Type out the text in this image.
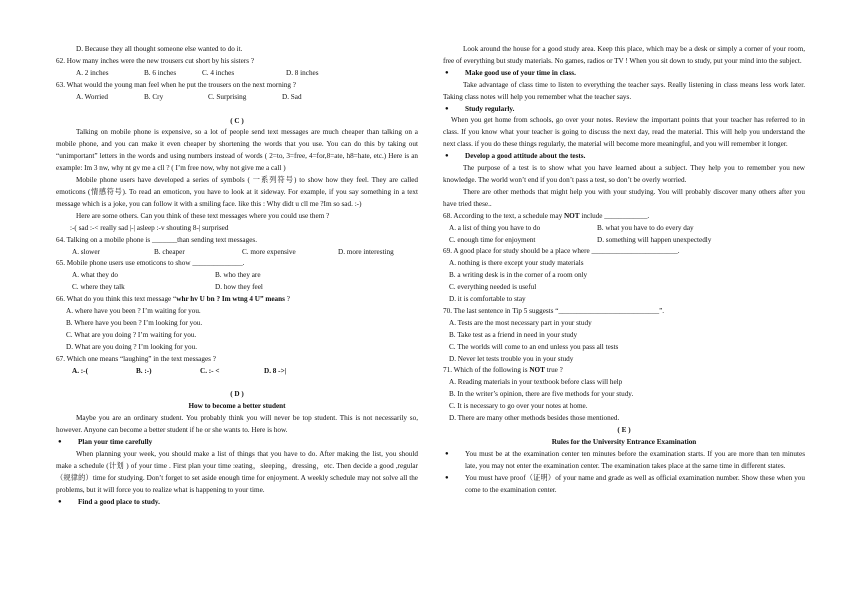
D. Because they all thought someone else wanted to do it.
62. How many inches were the new trousers cut short by his sisters ?
A. 2 inches	B. 6 inches	C. 4 inches	D. 8 inches
63. What would the young man feel when he put the trousers on the next morning ?
A. Worried	B. Cry	C. Surprising	D. Sad
( C )
Talking on mobile phone is expensive, so a lot of people send text messages are much cheaper than talking on a mobile phone, and you can make it even cheaper by shortening the words that you use. You can do this by taking out “unimportant” letters in the words and using numbers instead of words ( 2=to, 3=free, 4=for,8=ate, h8=hate, etc.) Here is an example: Im 3 nw, why nt gv me a cll ? ( I’m free now, why not give me a call )
Mobile phone users have developed a series of symbols ( 一系列符号) to show how they feel. They are called emoticons (情感符号). To read an emoticon, you have to look at it sideway. For example, if you say something in a text message which is a joke, you can follow it with a smiling face. like this : Why didt u cll me ?Im so sad. :-)
Here are some others. Can you think of these text messages where you could use them ?
:-( sad :-< really sad |-| asleep :-v shouting 8-| surprised
64. Talking on a mobile phone is _______than sending text messages.
A. slower	B. cheaper	C. more expensive	D. more interesting
65. Mobile phone users use emoticons to show ______________.
A. what they do	B. who they are
C. where they talk	D. how they feel
66. What do you think this text message “whr hv U bn ? Im wtng 4 U” means ?
A. where have you been ? I’m waiting for you.
B. Where have you been ? I’m looking for you.
C. What are you doing ? I’m waiting for you.
D. What are you doing ? I’m looking for you.
67. Which one means “laughing” in the text messages ?
A. :-(	B. :-)	C. :- <	D. 8 ->|
( D )
How to become a better student
Maybe you are an ordinary student. You probably think you will never be top student. This is not necessarily so, however. Anyone can become a better student if he or she wants to. Here is how.
● Plan your time carefully
When planning your week, you should make a list of things that you have to do. After making the list, you should make a schedule (计划 ) of your time . First plan your time :eating，sleeping，dressing，etc. Then decide a good ,regular（规律的）time for studying. Don’t forget to set aside enough time for enjoyment. A weekly schedule may not solve all the problems, but it will force you to realize what is happening to your time.
● Find a good place to study.
Look around the house for a good study area. Keep this place, which may be a desk or simply a corner of your room, free of everything but study materials. No games, radios or TV ! When you sit down to study, put your mind into the subject.
● Make good use of your time in class.
Take advantage of class time to listen to everything the teacher says. Really listening in class means less work later. Taking class notes will help you remember what the teacher says.
● Study regularly.
When you get home from schools, go over your notes. Review the important points that your teacher has referred to in class. If you know what your teacher is going to discuss the next day, read the material. This will help you understand the next class. if you do these things regularly, the material will become more meaningful, and you will remember it longer.
● Develop a good attitude about the tests.
The purpose of a test is to show what you have learned about a subject. They help you to remember you new knowledge. The world won’t end if you don’t pass a test, so don’t be overly worried.
There are other methods that might help you with your studying. You will probably discover many others after you have tried these..
68. According to the text, a schedule may NOT include ____________.
A. a list of thing you have to do	B. what you have to do every day
C. enough time for enjoyment	D. something will happen unexpectedly
69. A good place for study should be a place where ________________________.
A. nothing is there except your study materials
B. a writing desk is in the corner of a room only
C. everything needed is useful
D. it is comfortable to stay
70. The last sentence in Tip 5 suggests “____________________________”.
A. Tests are the most necessary part in your study
B. Take test as a friend in need in your study
C. The worlds will come to an end unless you pass all tests
D. Never let tests trouble you in your study
71. Which of the following is NOT true ?
A. Reading materials in your textbook before class will help
B. In the writer’s opinion, there are five methods for your study.
C. It is necessary to go over your notes at home.
D. There are many other methods besides those mentioned.
( E )
Rules for the University Entrance Examination
● You must be at the examination center ten minutes before the examination starts. If you are more than ten minutes late, you may not enter the examination center. The examination takes place at the same time in different states.
● You must have proof（证明）of your name and grade as well as official examination number. Show these when you come to the examination center.
